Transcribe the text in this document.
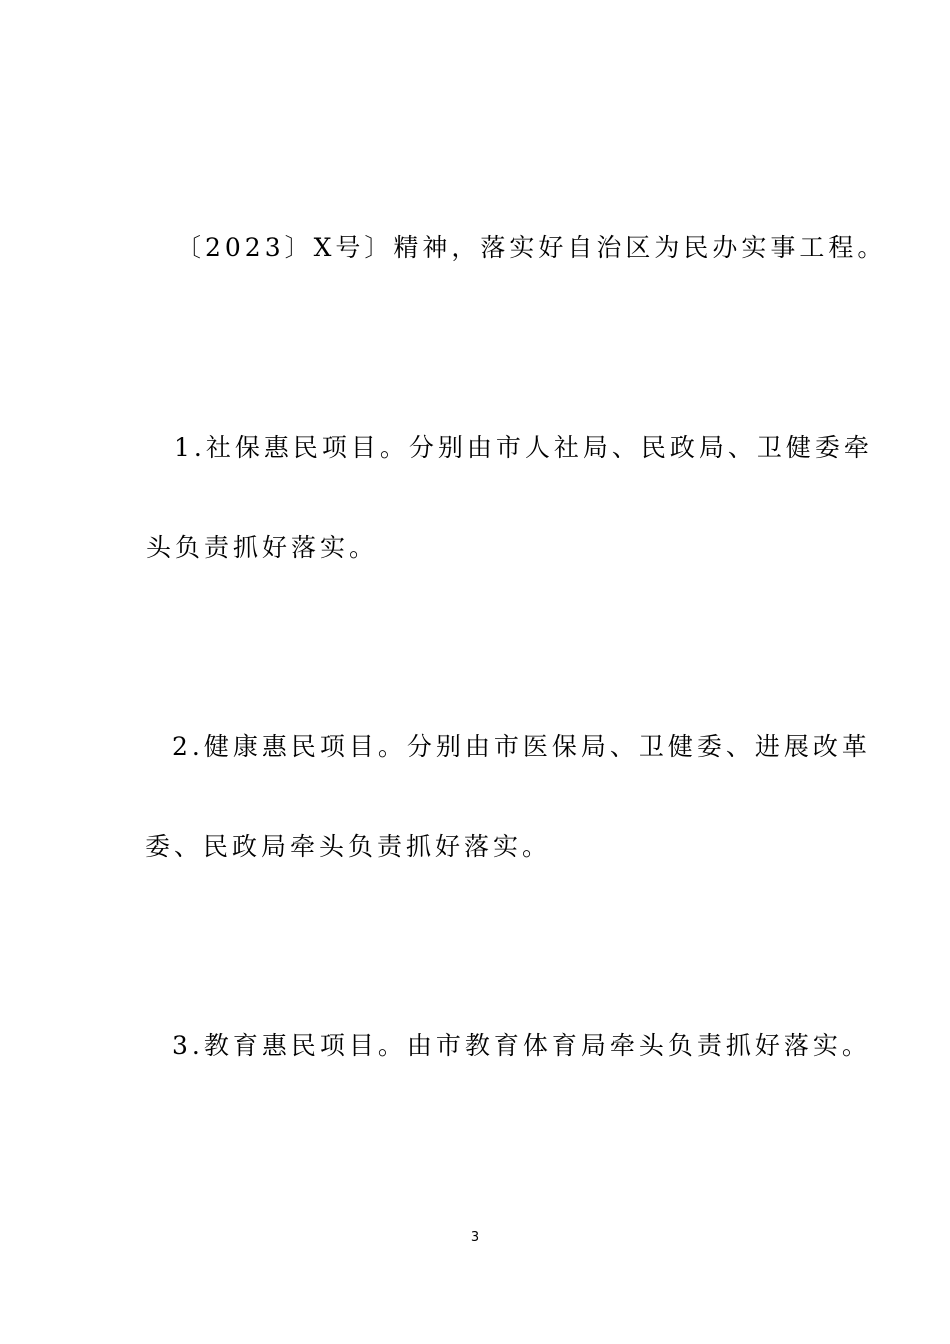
〔2023〕X号〕精神，落实好自治区为民办实事工程。

1.社保惠民项目。分别由市人社局、民政局、卫健委牵

头负责抓好落实。

2.健康惠民项目。分别由市医保局、卫健委、进展改革

委、民政局牵头负责抓好落实。

3.教育惠民项目。由市教育体育局牵头负责抓好落实。

3
